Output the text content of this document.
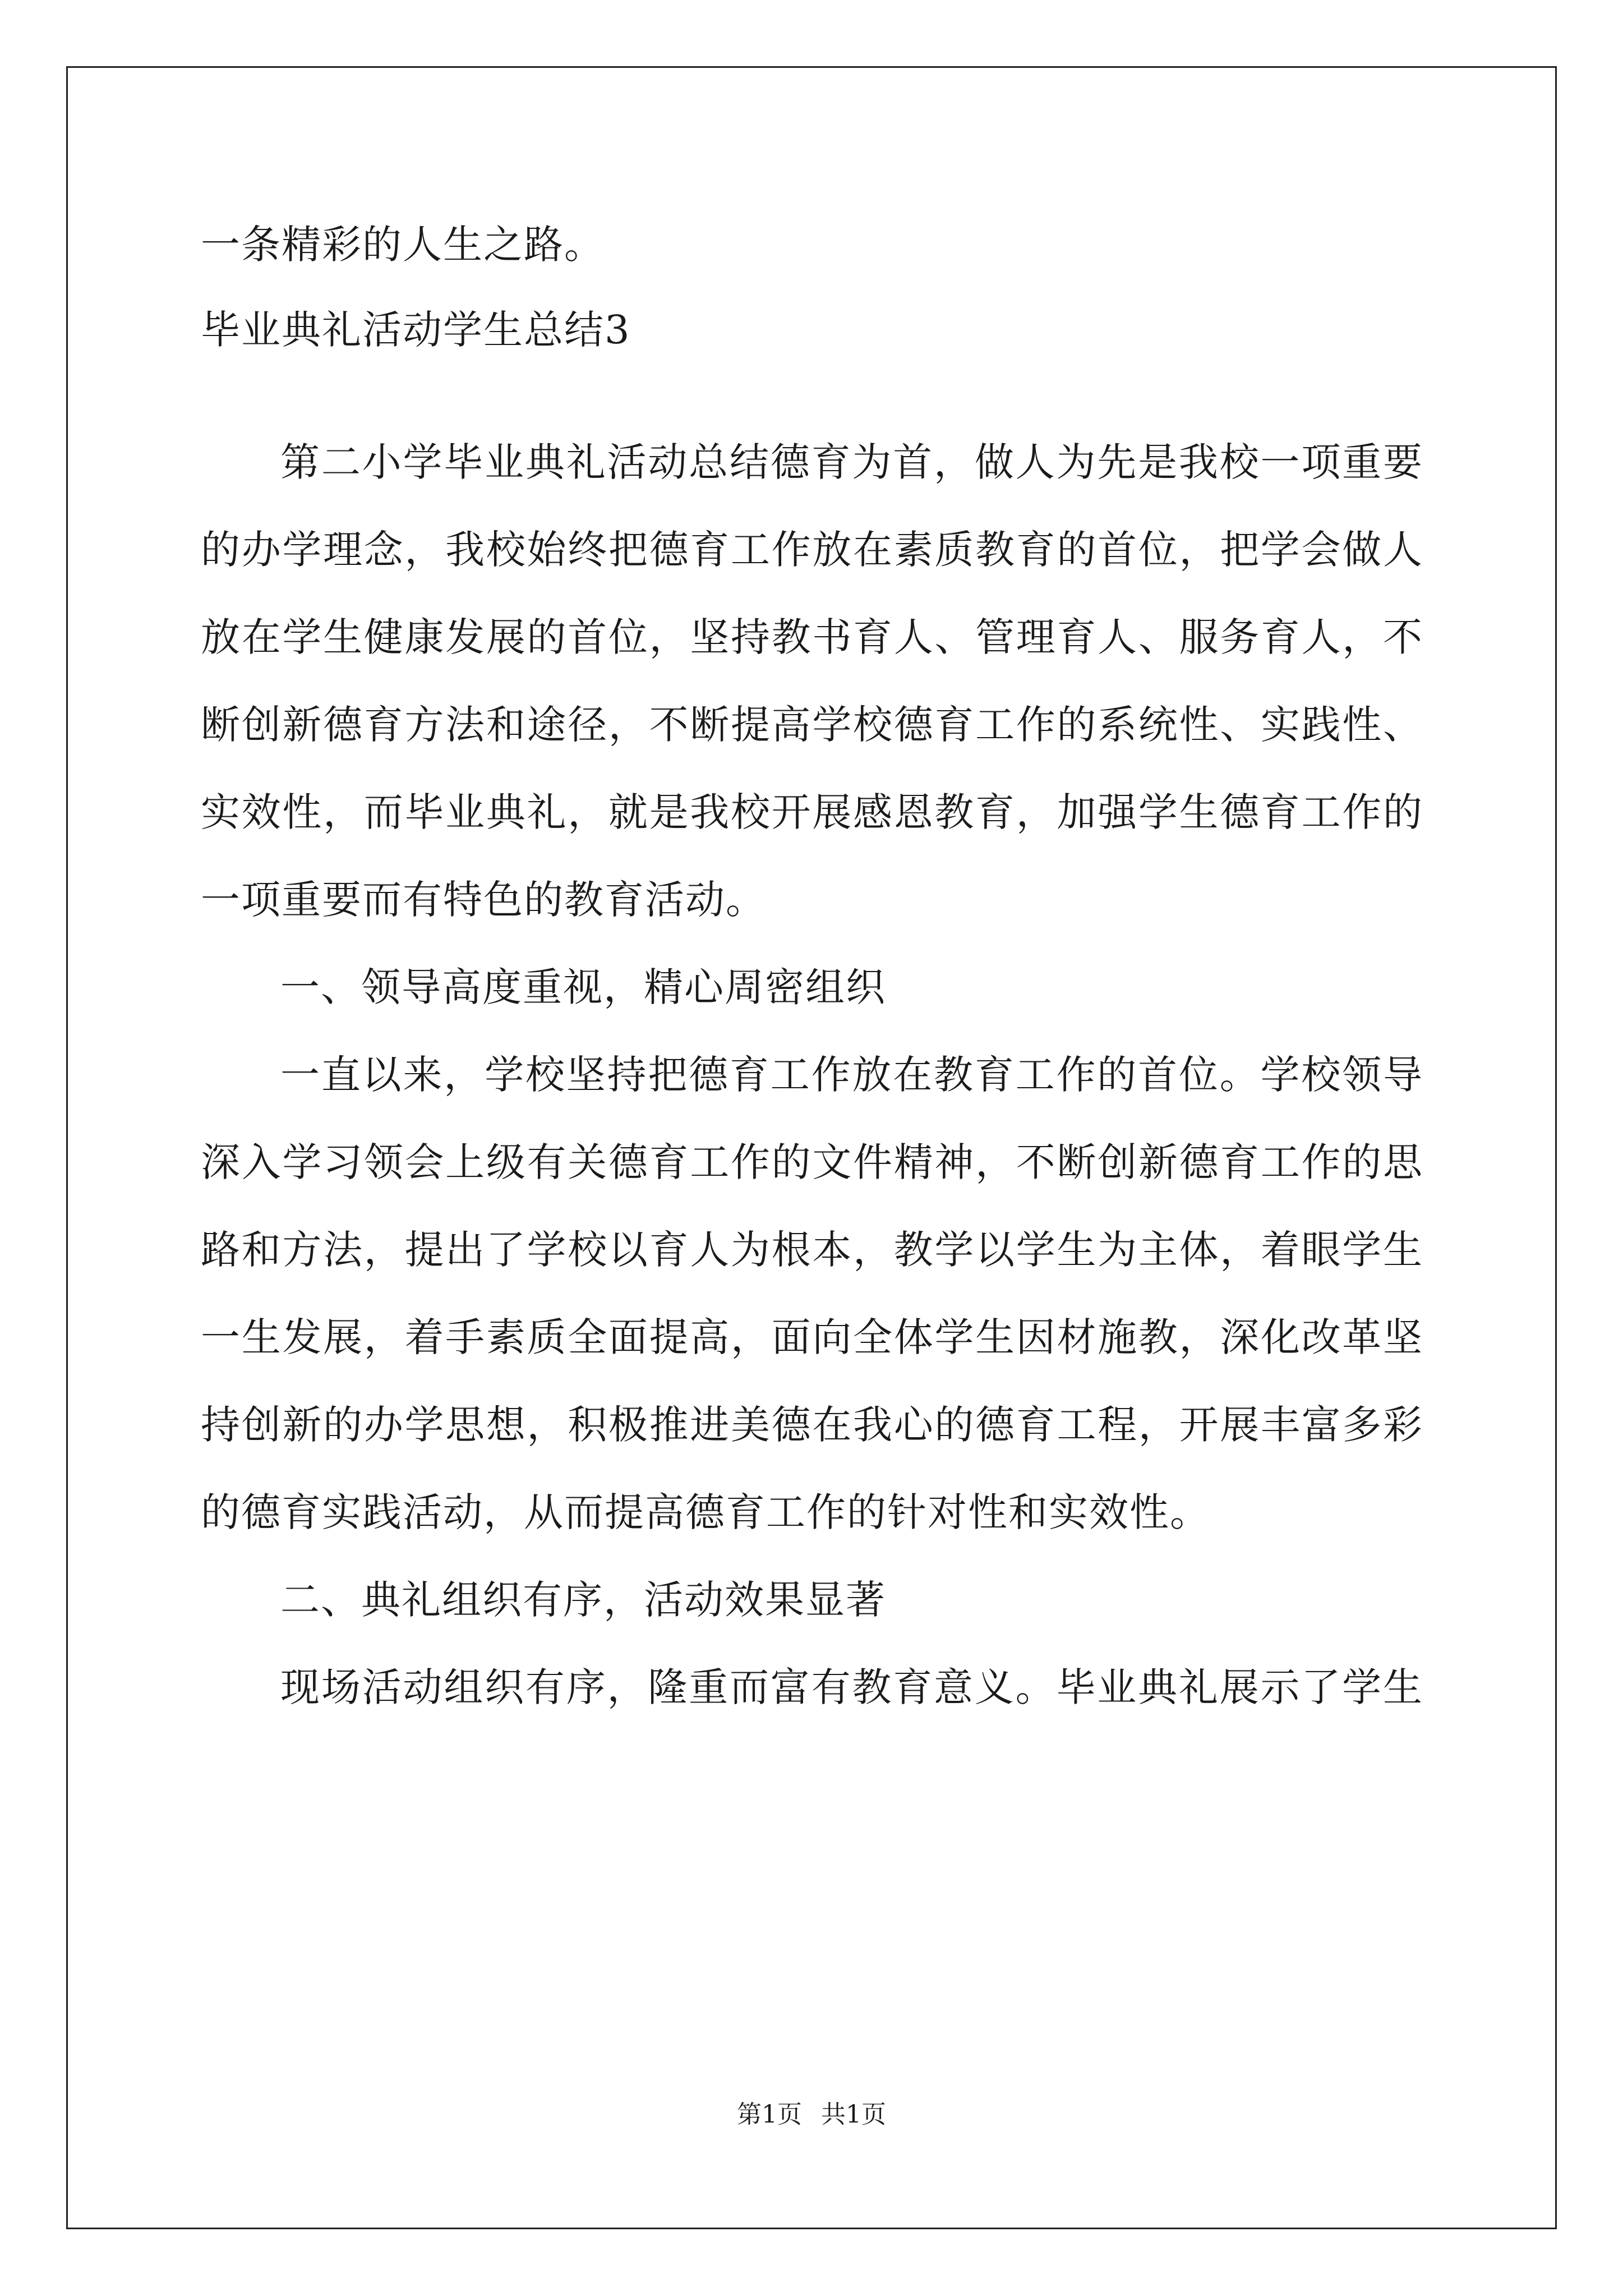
一条精彩的人生之路。
毕业典礼活动学生总结3
第二小学毕业典礼活动总结德育为首，做人为先是我校一项重要
的办学理念，我校始终把德育工作放在素质教育的首位，把学会做人
放在学生健康发展的首位，坚持教书育人、管理育人、服务育人，不
断创新德育方法和途径，不断提高学校德育工作的系统性、实践性、
实效性，而毕业典礼，就是我校开展感恩教育，加强学生德育工作的
一项重要而有特色的教育活动。
一、领导高度重视，精心周密组织
一直以来，学校坚持把德育工作放在教育工作的首位。学校领导
深入学习领会上级有关德育工作的文件精神，不断创新德育工作的思
路和方法，提出了学校以育人为根本，教学以学生为主体，着眼学生
一生发展，着手素质全面提高，面向全体学生因材施教，深化改革坚
持创新的办学思想，积极推进美德在我心的德育工程，开展丰富多彩
的德育实践活动，从而提高德育工作的针对性和实效性。
二、典礼组织有序，活动效果显著
现场活动组织有序，隆重而富有教育意义。毕业典礼展示了学生
第1页 共1页
